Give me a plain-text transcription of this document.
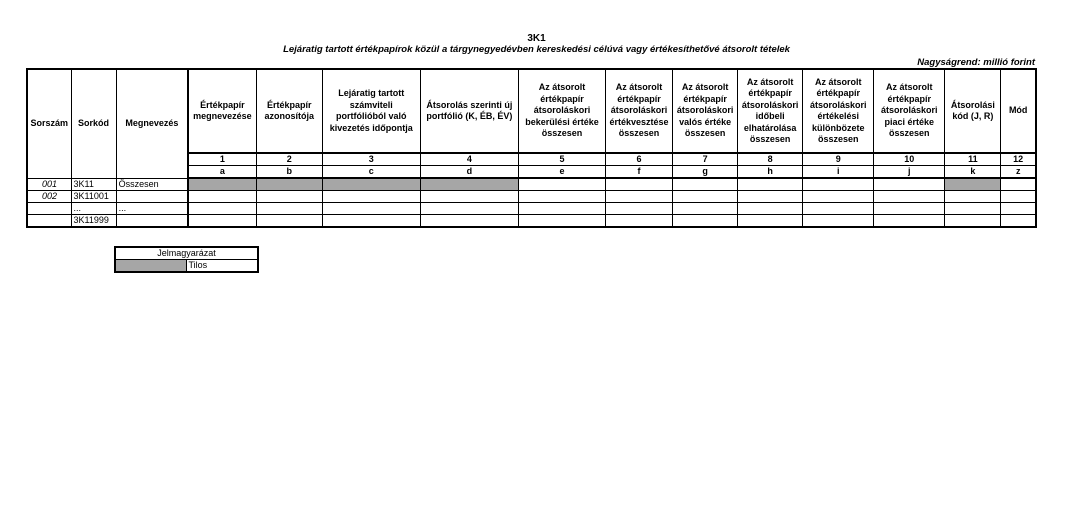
3K1
Lejáratig tartott értékpapírok közül a tárgynegyedévben kereskedési célúvá vagy értékesíthetővé átsorolt tételek
Nagyságrend: millió forint
Sorszám	Sorkód	Megnevezés	Értékpapír megnevezése	Értékpapír azonosítója	Lejáratig tartott számviteli portfólióból való kivezetés időpontja	Átsorolás szerinti új portfólió (K, ÉB, ÉV)	Az átsorolt értékpapír átsoroláskori bekerülési értéke összesen	Az átsorolt értékpapír átsoroláskori értékvesztése összesen	Az átsorolt értékpapír átsoroláskori valós értéke összesen	Az átsorolt értékpapír átsoroláskori időbeli elhatárolása összesen	Az átsorolt értékpapír átsoroláskori értékelési különbözete összesen	Az átsorolt értékpapír átsoroláskori piaci értéke összesen	Átsorolási kód (J, R)	Mód
			1	2	3	4	5	6	7	8	9	10	11	12
			a	b	c	d	e	f	g	h	i	j	k	z
001	3K11	Összesen												
002	3K11001													
	...	...												
	3K11999													
Jelmagyarázat
	Tilos
